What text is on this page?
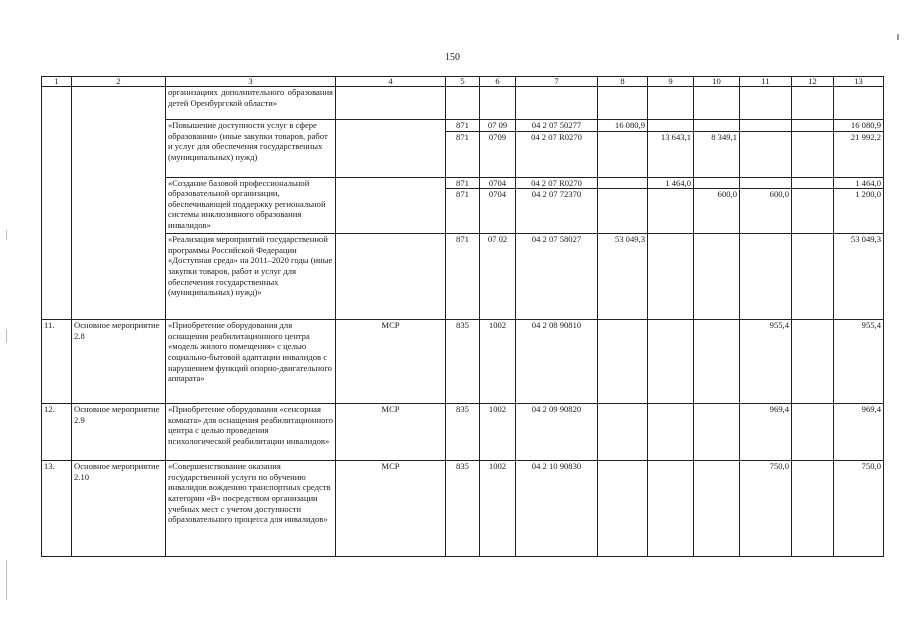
150
1	2	3	4	5	6	7	8	9	10	11	12	13
		организациях дополнительного образования детей Оренбургской области»										
		«Повышение доступности услуг в сфере образования» (иные закупки товаров, работ и услуг для обеспечения государственных (муниципальных) нужд)		871	07 09	04 2 07 50277	16 080,9					16 080,9
				871	0709	04 2 07 R0270		13 643,1	8 349,1			21 992,2
		«Создание базовой профессиональной образовательной организации, обеспечивающей поддержку региональной системы инклюзивного образования инвалидов»		871	0704	04 2 07 R0270		1 464,0				1 464,0
				871	0704	04 2 07 72370			600,0	600,0		1 200,0
		«Реализация мероприятий государственной программы Российской Федерации «Доступная среда» на 2011–2020 годы (иные закупки товаров, работ и услуг для обеспечения государственных (муниципальных) нужд)»		871	07 02	04 2 07 58027	53 049,3					53 049,3
11.	Основное мероприятие 2.8	«Приобретение оборудования для оснащения реабилитационного центра «модель жилого помещения» с целью социально-бытовой адаптации инвалидов с нарушением функций опорно-двигательного аппарата»	МСР	835	1002	04 2 08 90810				955,4		955,4
12.	Основное мероприятие 2.9	«Приобретение оборудования «сенсорная комната» для оснащения реабилитационного центра с целью проведения психологической реабилитации инвалидов»	МСР	835	1002	04 2 09 90820				969,4		969,4
13.	Основное мероприятие 2.10	«Совершенствование оказания государственной услуги по обучению инвалидов вождению транспортных средств категории «В» посредством организации учебных мест с учетом доступности образовательного процесса для инвалидов»	МСР	835	1002	04 2 10 90830				750,0		750,0
